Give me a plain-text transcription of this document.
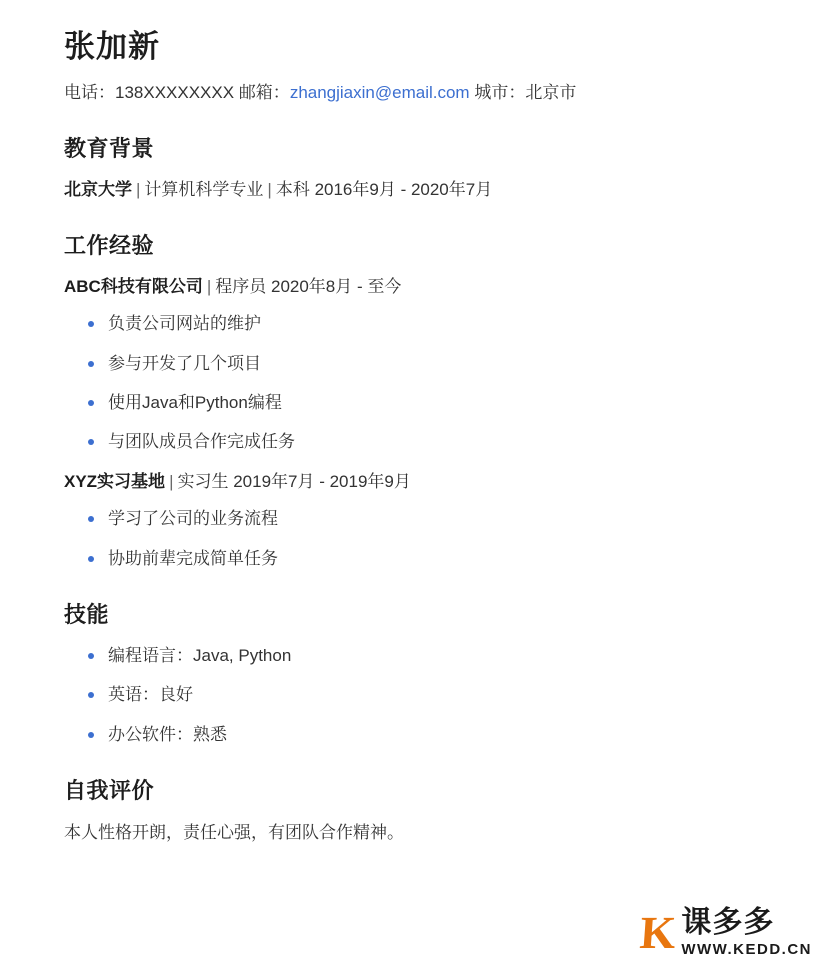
张加新
电话：138XXXXXXXX 邮箱：zhangjiaxin@email.com 城市：北京市
教育背景

北京大学 | 计算机科学专业 | 本科 2016年9月 - 2020年7月

工作经验

ABC科技有限公司 | 程序员 2020年8月 - 至今

负责公司网站的维护
参与开发了几个项目
使用Java和Python编程
与团队成员合作完成任务

XYZ实习基地 | 实习生 2019年7月 - 2019年9月

学习了公司的业务流程
协助前辈完成简单任务
技能
编程语言：Java, Python
英语：良好
办公软件：熟悉
自我评价

本人性格开朗，责任心强，有团队合作精神。

K 课多多
WWW.KEDD.CN
